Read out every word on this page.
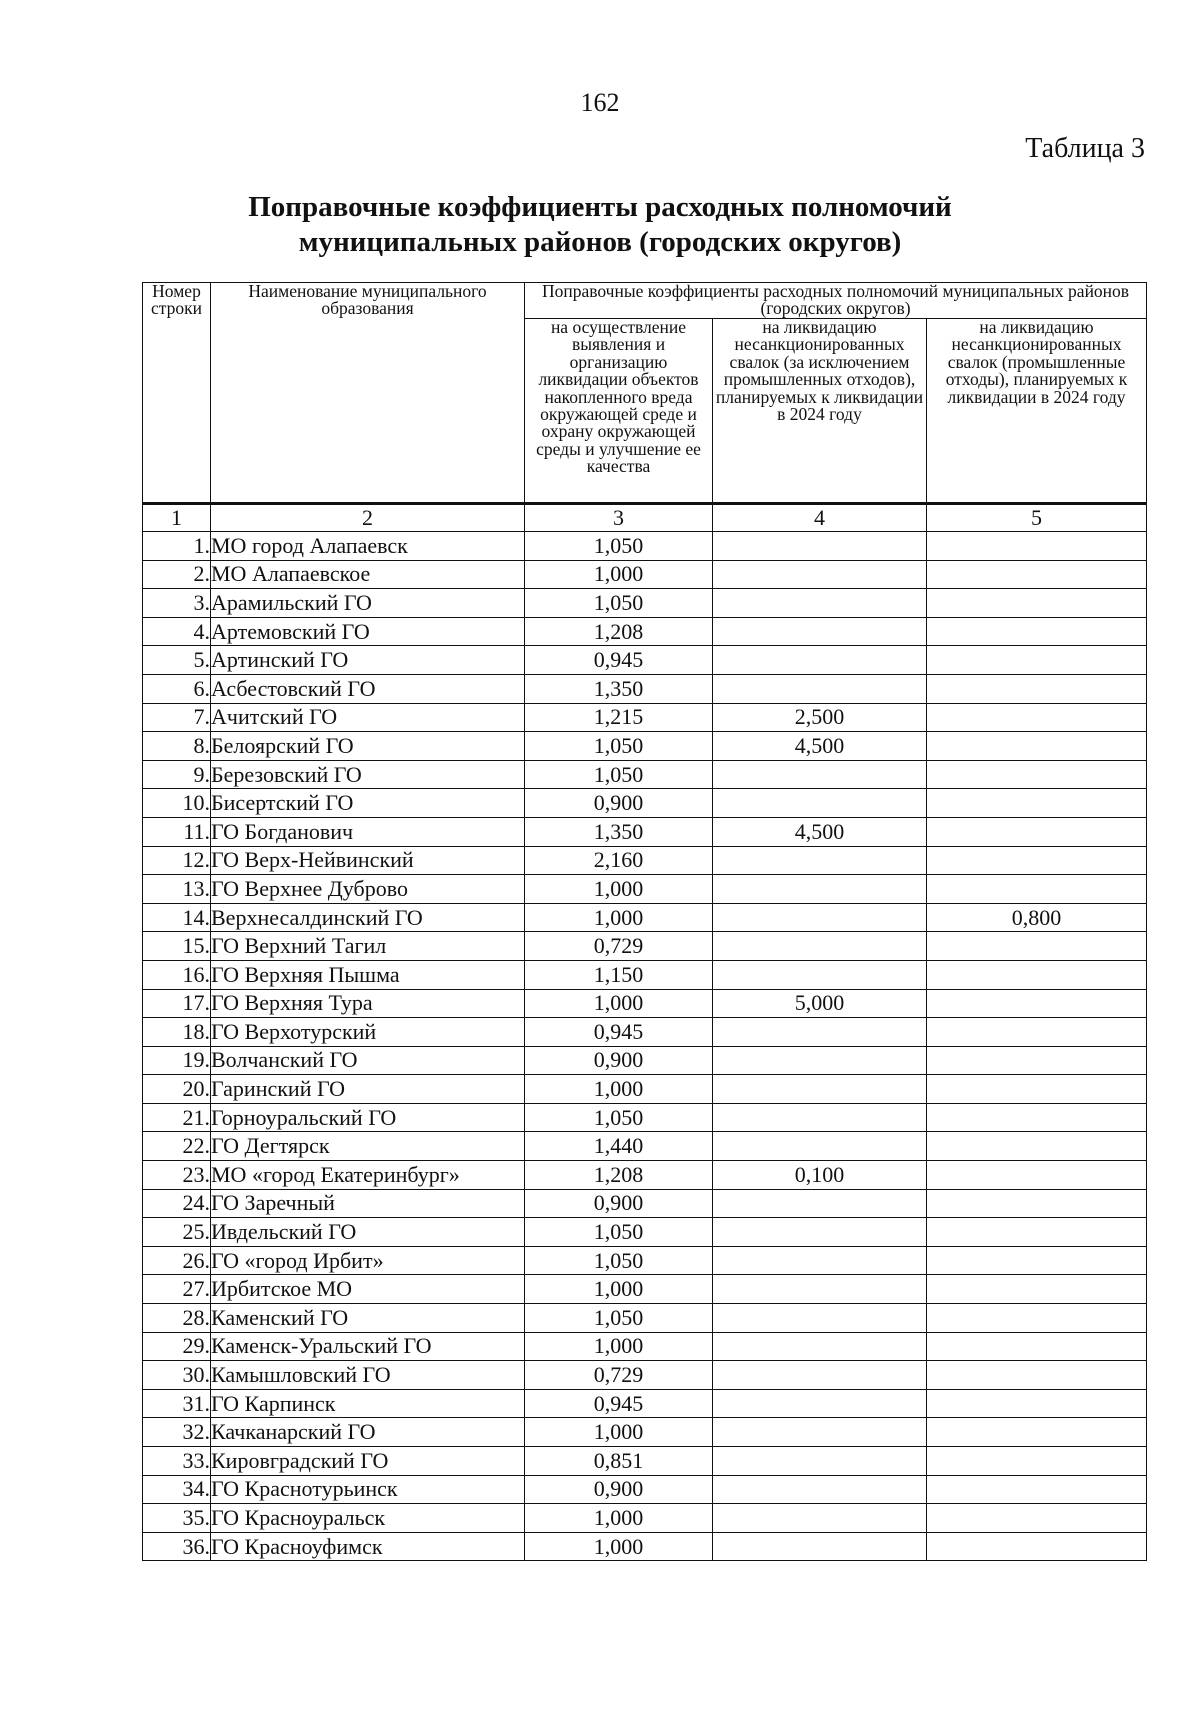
162
Таблица 3
Поправочные коэффициенты расходных полномочий
муниципальных районов (городских округов)
Номер строки	Наименование муниципального образования	Поправочные коэффициенты расходных полномочий муниципальных районов (городских округов)		
		на осуществление выявления и организацию ликвидации объектов накопленного вреда окружающей среде и охрану окружающей среды и улучшение ее качества	на ликвидацию несанкционированных свалок (за исключением промышленных отходов), планируемых к ликвидации в 2024 году	на ликвидацию несанкционированных свалок (промышленные отходы), планируемых к ликвидации в 2024 году
1	2	3	4	5
1.	МО город Алапаевск	1,050		
2.	МО Алапаевское	1,000		
3.	Арамильский ГО	1,050		
4.	Артемовский ГО	1,208		
5.	Артинский ГО	0,945		
6.	Асбестовский ГО	1,350		
7.	Ачитский ГО	1,215	2,500	
8.	Белоярский ГО	1,050	4,500	
9.	Березовский ГО	1,050		
10.	Бисертский ГО	0,900		
11.	ГО Богданович	1,350	4,500	
12.	ГО Верх-Нейвинский	2,160		
13.	ГО Верхнее Дуброво	1,000		
14.	Верхнесалдинский ГО	1,000		0,800
15.	ГО Верхний Тагил	0,729		
16.	ГО Верхняя Пышма	1,150		
17.	ГО Верхняя Тура	1,000	5,000	
18.	ГО Верхотурский	0,945		
19.	Волчанский ГО	0,900		
20.	Гаринский ГО	1,000		
21.	Горноуральский ГО	1,050		
22.	ГО Дегтярск	1,440		
23.	МО «город Екатеринбург»	1,208	0,100	
24.	ГО Заречный	0,900		
25.	Ивдельский ГО	1,050		
26.	ГО «город Ирбит»	1,050		
27.	Ирбитское МО	1,000		
28.	Каменский ГО	1,050		
29.	Каменск-Уральский ГО	1,000		
30.	Камышловский ГО	0,729		
31.	ГО Карпинск	0,945		
32.	Качканарский ГО	1,000		
33.	Кировградский ГО	0,851		
34.	ГО Краснотурьинск	0,900		
35.	ГО Красноуральск	1,000		
36.	ГО Красноуфимск	1,000		
